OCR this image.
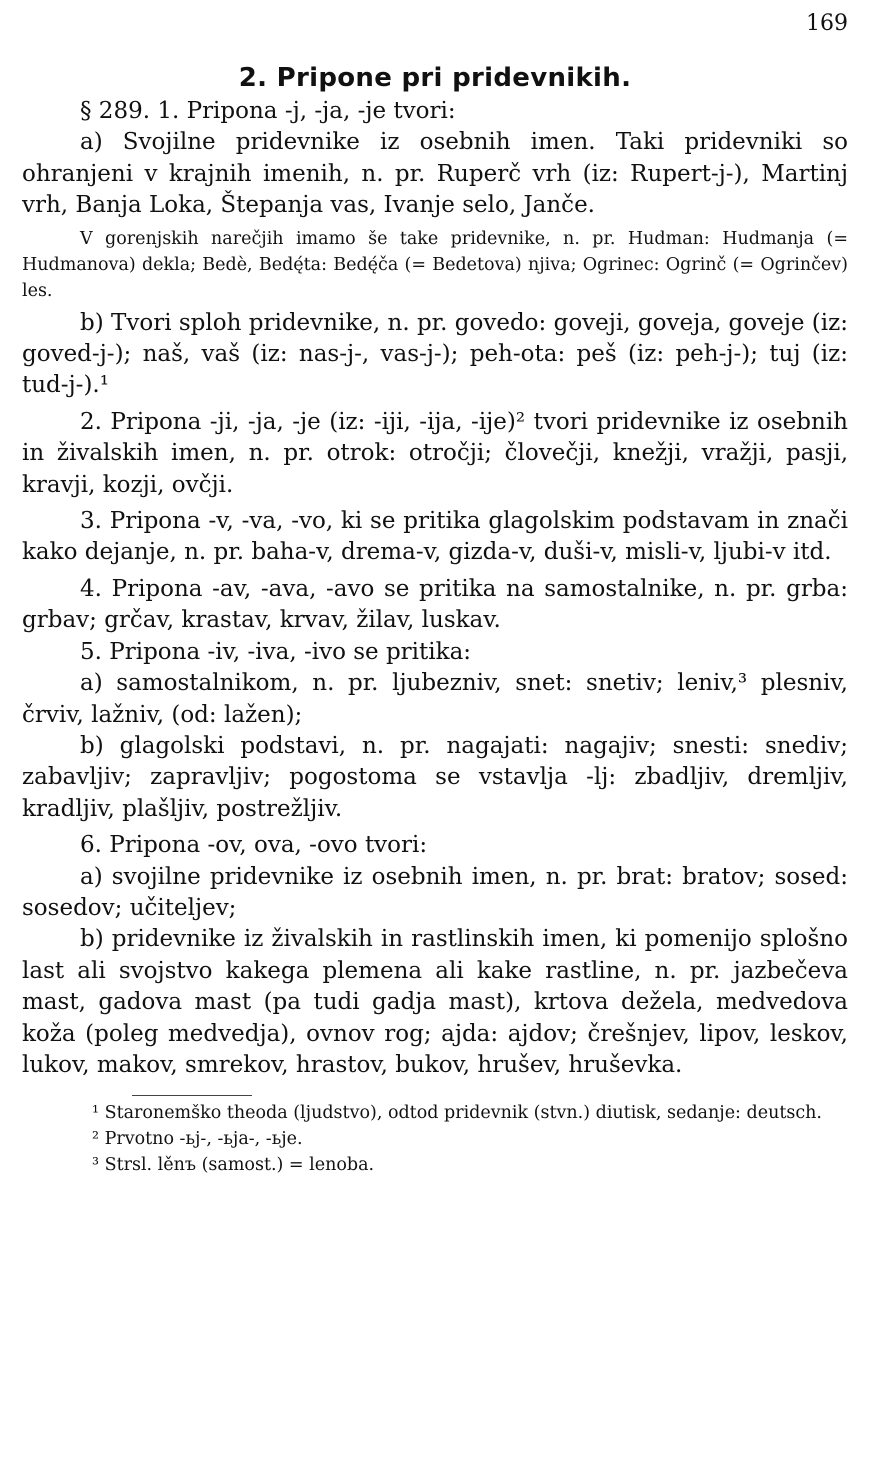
169
2. Pripone pri pridevnikih.

§ 289. 1. Pripona -j, -ja, -je tvori:

a) Svojilne pridevnike iz osebnih imen. Taki pridevniki so ohranjeni v krajnih imenih, n. pr. Ruperč vrh (iz: Rupert-j-), Martinj vrh, Banja Loka, Štepanja vas, Ivanje selo, Janče.

V gorenjskih narečjih imamo še take pridevnike, n. pr. Hudman: Hudmanja (= Hudmanova) dekla; Bedè, Bedę́ta: Bedę́ča (= Bedetova) njiva; Ogrinec: Ogrinč (= Ogrinčev) les.

b) Tvori sploh pridevnike, n. pr. govedo: goveji, goveja, goveje (iz: goved-j-); naš, vaš (iz: nas-j-, vas-j-); peh-ota: peš (iz: peh-j-); tuj (iz: tud-j-).¹

2. Pripona -ji, -ja, -je (iz: -iji, -ija, -ije)² tvori pridevnike iz osebnih in živalskih imen, n. pr. otrok: otročji; človečji, knežji, vražji, pasji, kravji, kozji, ovčji.

3. Pripona -v, -va, -vo, ki se pritika glagolskim podstavam in znači kako dejanje, n. pr. baha-v, drema-v, gizda-v, duši-v, misli-v, ljubi-v itd.

4. Pripona -av, -ava, -avo se pritika na samostalnike, n. pr. grba: grbav; grčav, krastav, krvav, žilav, luskav.

5. Pripona -iv, -iva, -ivo se pritika:

a) samostalnikom, n. pr. ljubezniv, snet: snetiv; leniv,³ plesniv, črviv, lažniv, (od: lažen);

b) glagolski podstavi, n. pr. nagajati: nagajiv; snesti: snediv; zabavljiv; zapravljiv; pogostoma se vstavlja -lj: zbadljiv, dremljiv, kradljiv, plašljiv, postrežljiv.

6. Pripona -ov, ova, -ovo tvori:

a) svojilne pridevnike iz osebnih imen, n. pr. brat: bratov; sosed: sosedov; učiteljev;

b) pridevnike iz živalskih in rastlinskih imen, ki pomenijo splošno last ali svojstvo kakega plemena ali kake rastline, n. pr. jazbečeva mast, gadova mast (pa tudi gadja mast), krtova dežela, medvedova koža (poleg medvedja), ovnov rog; ajda: ajdov; črešnjev, lipov, leskov, lukov, makov, smrekov, hrastov, bukov, hrušev, hruševka.

¹ Staronemško theoda (ljudstvo), odtod pridevnik (stvn.) diutisk, sedanje: deutsch.

² Prvotno -ьj-, -ьja-, -ьje.

³ Strsl. lěnъ (samost.) = lenoba.
